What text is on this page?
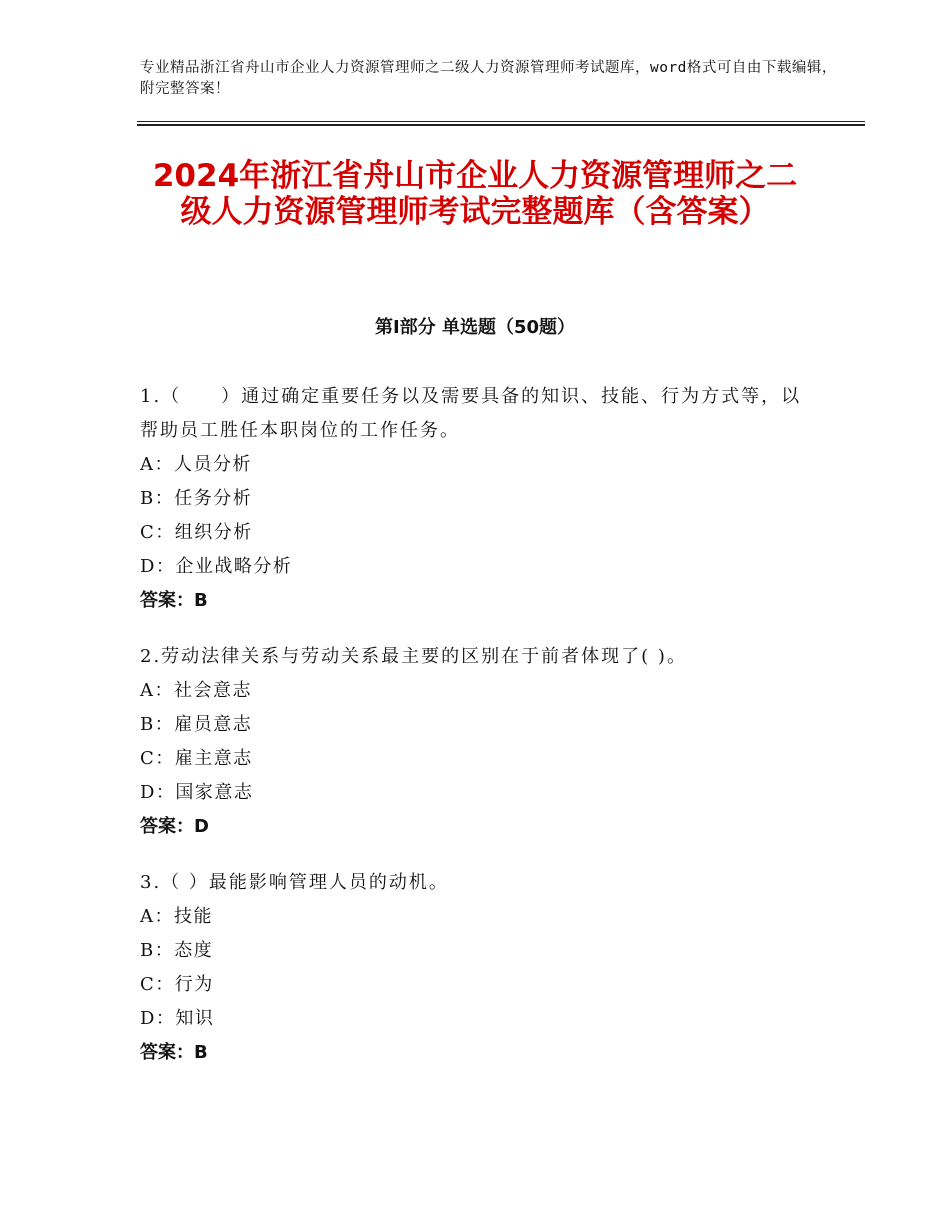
专业精品浙江省舟山市企业人力资源管理师之二级人力资源管理师考试题库，word格式可自由下载编辑，附完整答案！
2024年浙江省舟山市企业人力资源管理师之二级人力资源管理师考试完整题库（含答案）
第Ⅰ部分 单选题（50题）

1.（　　）通过确定重要任务以及需要具备的知识、技能、行为方式等，以帮助员工胜任本职岗位的工作任务。

A：人员分析

B：任务分析

C：组织分析

D：企业战略分析

答案：B

2.劳动法律关系与劳动关系最主要的区别在于前者体现了( )。

A：社会意志

B：雇员意志

C：雇主意志

D：国家意志

答案：D

3.（ ）最能影响管理人员的动机。

A：技能

B：态度

C：行为

D：知识

答案：B
